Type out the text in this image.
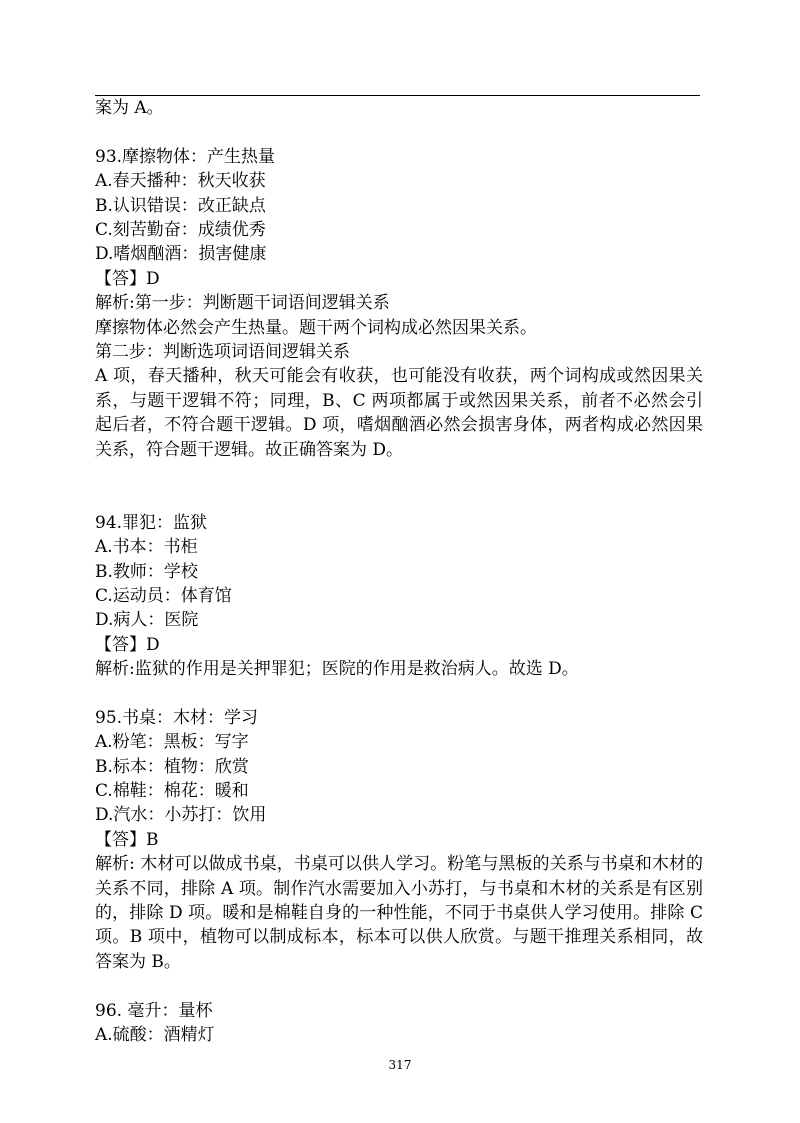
案为 A。
93.摩擦物体：产生热量
A.春天播种：秋天收获
B.认识错误：改正缺点
C.刻苦勤奋：成绩优秀
D.嗜烟酗酒：损害健康
【答】D
解析:第一步：判断题干词语间逻辑关系
摩擦物体必然会产生热量。题干两个词构成必然因果关系。
第二步：判断选项词语间逻辑关系
A 项，春天播种，秋天可能会有收获，也可能没有收获，两个词构成或然因果关系，与题干逻辑不符；同理，B、C 两项都属于或然因果关系，前者不必然会引起后者，不符合题干逻辑。D 项，嗜烟酗酒必然会损害身体，两者构成必然因果关系，符合题干逻辑。故正确答案为 D。
94.罪犯：监狱
A.书本：书柜
B.教师：学校
C.运动员：体育馆
D.病人：医院
【答】D
解析:监狱的作用是关押罪犯；医院的作用是救治病人。故选 D。
95.书桌：木材：学习
A.粉笔：黑板：写字
B.标本：植物：欣赏
C.棉鞋：棉花：暖和
D.汽水：小苏打：饮用
【答】B
解析: 木材可以做成书桌，书桌可以供人学习。粉笔与黑板的关系与书桌和木材的关系不同，排除 A 项。制作汽水需要加入小苏打，与书桌和木材的关系是有区别的，排除 D 项。暖和是棉鞋自身的一种性能，不同于书桌供人学习使用。排除 C 项。B 项中，植物可以制成标本，标本可以供人欣赏。与题干推理关系相同，故答案为 B。
96. 毫升：量杯
A.硫酸：酒精灯
317
